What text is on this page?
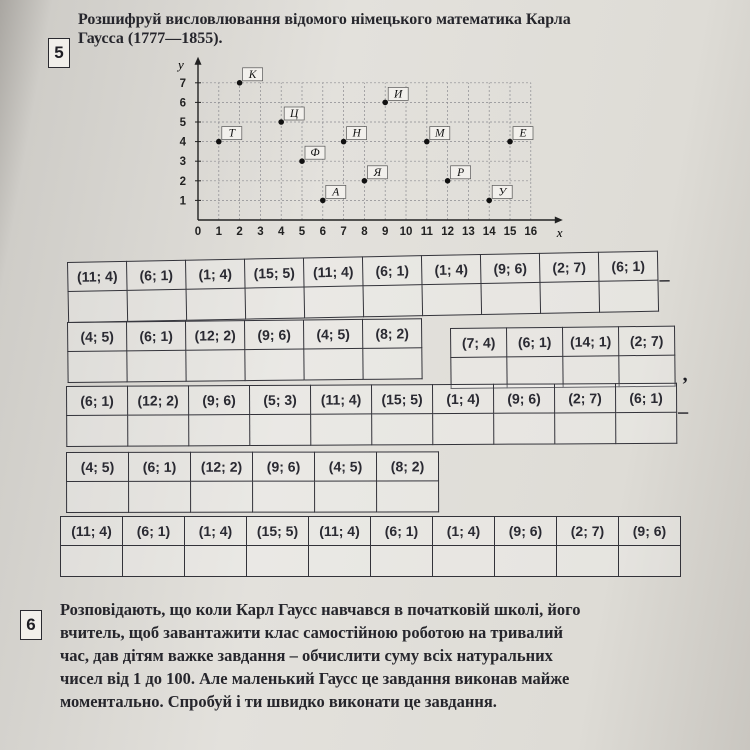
5
Розшифруй висловлювання відомого німецького математика Карла
Гаусса (1777—1855).
0 1 2 3 4 5 6 7 8 9 10 11 12 13 14 15 16
1
2
3
4
5
6
7
К
Т
Ц
Ф
А
Н
Я
И
М
Р
У
Е
x
y
(11; 4)	(6; 1)	(1; 4)	(15; 5)	(11; 4)	(6; 1)	(1; 4)	(9; 6)	(2; 7)	(6; 1)

–
(4; 5)	(6; 1)	(12; 2)	(9; 6)	(4; 5)	(8; 2)

(7; 4)	(6; 1)	(14; 1)	(2; 7)

,
(6; 1)	(12; 2)	(9; 6)	(5; 3)	(11; 4)	(15; 5)	(1; 4)	(9; 6)	(2; 7)	(6; 1)

–
(4; 5)	(6; 1)	(12; 2)	(9; 6)	(4; 5)	(8; 2)

(11; 4)	(6; 1)	(1; 4)	(15; 5)	(11; 4)	(6; 1)	(1; 4)	(9; 6)	(2; 7)	(9; 6)

6
Розповідають, що коли Карл Гаусс навчався в початковій школі, його
вчитель, щоб завантажити клас самостійною роботою на тривалий
час, дав дітям важке завдання – обчислити суму всіх натуральних
чисел від 1 до 100. Але маленький Гаусс це завдання виконав майже
моментально. Спробуй і ти швидко виконати це завдання.
